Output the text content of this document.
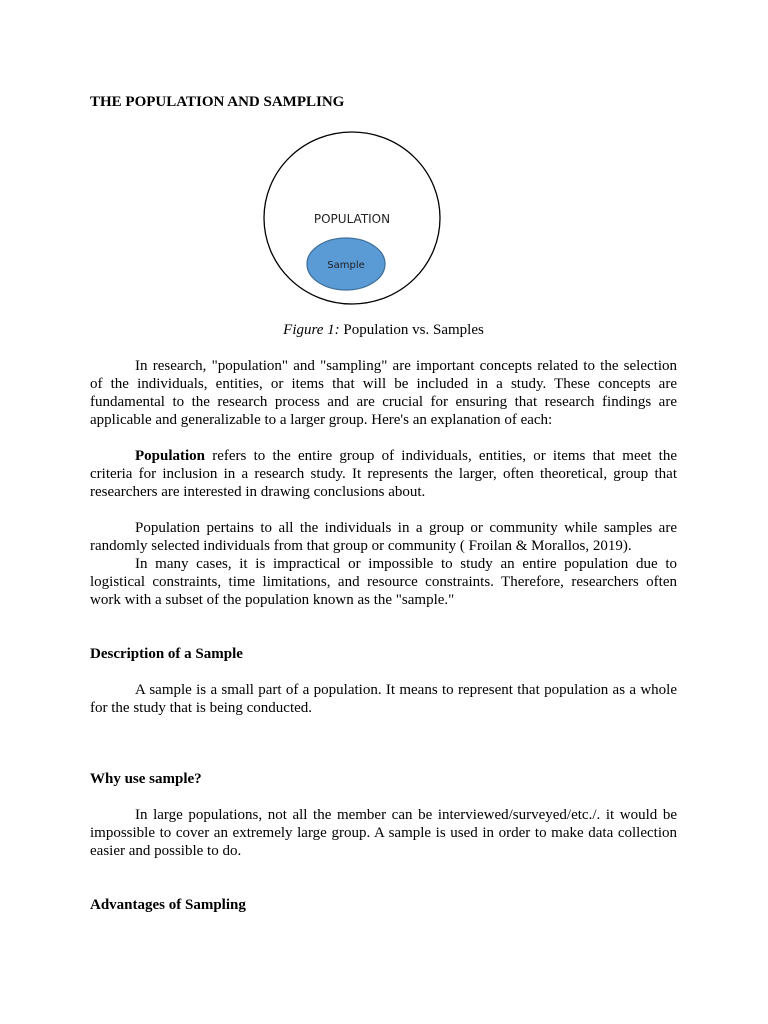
THE POPULATION AND SAMPLING
POPULATION
Sample

Figure 1: Population vs. Samples

In research, "population" and "sampling" are important concepts related to the selection of the individuals, entities, or items that will be included in a study. These concepts are fundamental to the research process and are crucial for ensuring that research findings are applicable and generalizable to a larger group. Here's an explanation of each:

Population refers to the entire group of individuals, entities, or items that meet the criteria for inclusion in a research study. It represents the larger, often theoretical, group that researchers are interested in drawing conclusions about.

Population pertains to all the individuals in a group or community while samples are randomly selected individuals from that group or community ( Froilan & Morallos, 2019).

In many cases, it is impractical or impossible to study an entire population due to logistical constraints, time limitations, and resource constraints. Therefore, researchers often work with a subset of the population known as the "sample."

Description of a Sample

A sample is a small part of a population. It means to represent that population as a whole for the study that is being conducted.

Why use sample?

In large populations, not all the member can be interviewed/surveyed/etc./. it would be impossible to cover an extremely large group. A sample is used in order to make data collection easier and possible to do.

Advantages of Sampling
